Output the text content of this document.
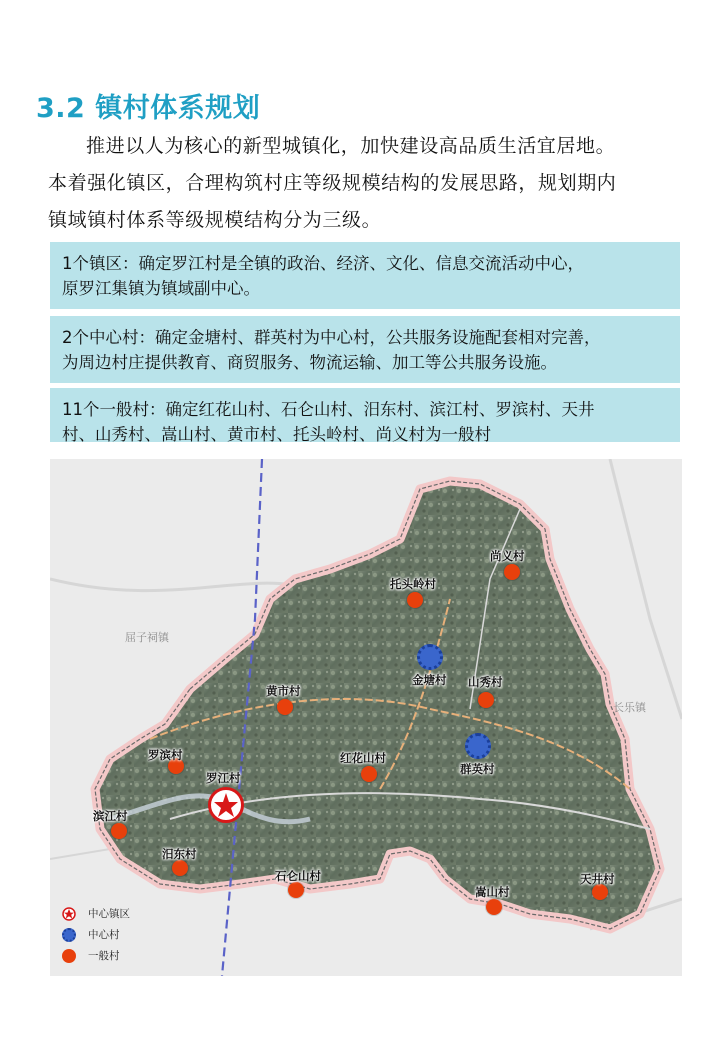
3.2 镇村体系规划
推进以人为核心的新型城镇化，加快建设高品质生活宜居地。
本着强化镇区，合理构筑村庄等级规模结构的发展思路，规划期内
镇域镇村体系等级规模结构分为三级。
1个镇区：确定罗江村是全镇的政治、经济、文化、信息交流活动中心，
原罗江集镇为镇域副中心。
2个中心村：确定金塘村、群英村为中心村，公共服务设施配套相对完善，
为周边村庄提供教育、商贸服务、物流运输、加工等公共服务设施。
11个一般村：确定红花山村、石仑山村、汨东村、滨江村、罗滨村、天井
村、山秀村、嵩山村、黄市村、托头岭村、尚义村为一般村
屈子祠镇
长乐镇
罗江村
金塘村
群英村
尚义村
托头岭村
山秀村
黄市村
罗滨村	红花山村
滨江村
汨东村
石仑山村
嵩山村
天井村
中心镇区
中心村
一般村
